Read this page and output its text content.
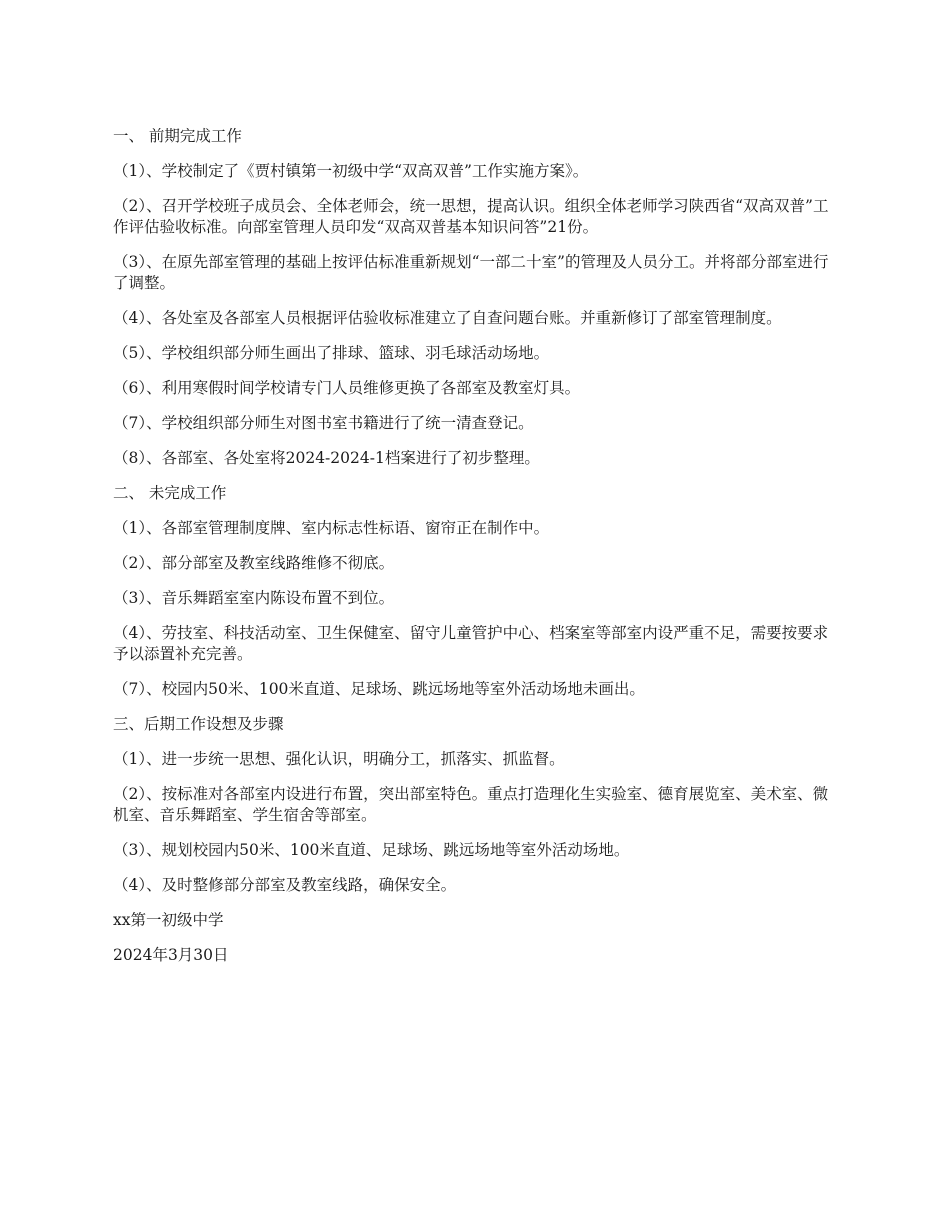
一、 前期完成工作

（1）、学校制定了《贾村镇第一初级中学“双高双普”工作实施方案》。

（2）、召开学校班子成员会、全体老师会，统一思想，提高认识。组织全体老师学习陕西省“双高双普”工作评估验收标准。向部室管理人员印发“双高双普基本知识问答”21份。

（3）、在原先部室管理的基础上按评估标准重新规划“一部二十室”的管理及人员分工。并将部分部室进行了调整。

（4）、各处室及各部室人员根据评估验收标准建立了自查问题台账。并重新修订了部室管理制度。

（5）、学校组织部分师生画出了排球、篮球、羽毛球活动场地。

（6）、利用寒假时间学校请专门人员维修更换了各部室及教室灯具。

（7）、学校组织部分师生对图书室书籍进行了统一清查登记。

（8）、各部室、各处室将2024-2024-1档案进行了初步整理。

二、 未完成工作

（1）、各部室管理制度牌、室内标志性标语、窗帘正在制作中。

（2）、部分部室及教室线路维修不彻底。

（3）、音乐舞蹈室室内陈设布置不到位。

（4）、劳技室、科技活动室、卫生保健室、留守儿童管护中心、档案室等部室内设严重不足，需要按要求予以添置补充完善。

（7）、校园内50米、100米直道、足球场、跳远场地等室外活动场地未画出。

三、后期工作设想及步骤

（1）、进一步统一思想、强化认识，明确分工，抓落实、抓监督。

（2）、按标准对各部室内设进行布置，突出部室特色。重点打造理化生实验室、德育展览室、美术室、微机室、音乐舞蹈室、学生宿舍等部室。

（3）、规划校园内50米、100米直道、足球场、跳远场地等室外活动场地。

（4）、及时整修部分部室及教室线路，确保安全。

xx第一初级中学

2024年3月30日
